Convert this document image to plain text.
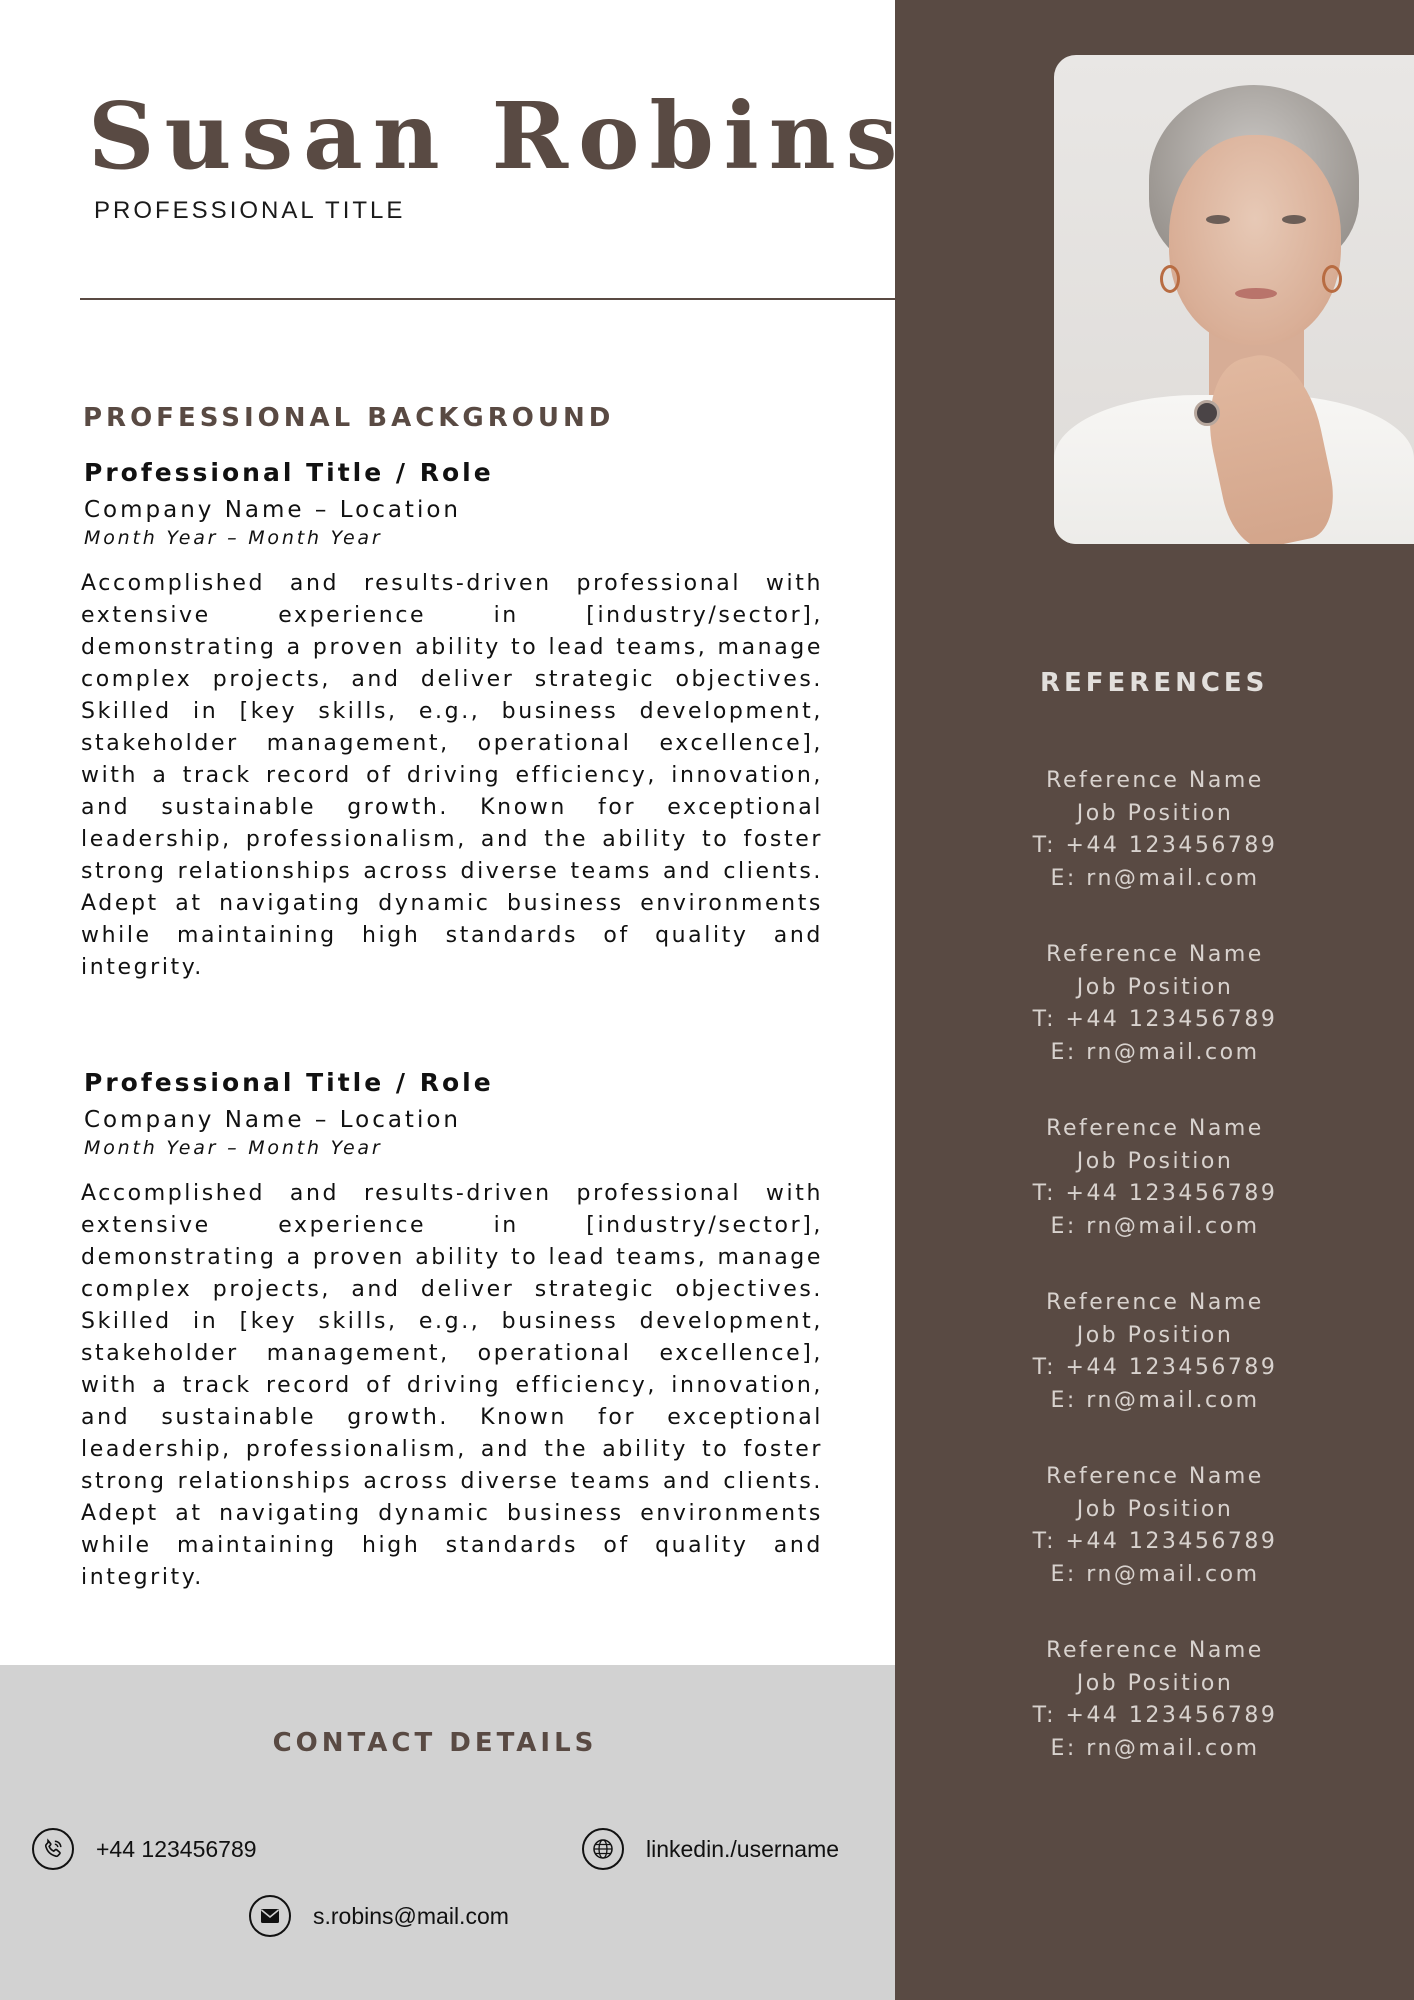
Susan Robins
PROFESSIONAL TITLE
PROFESSIONAL BACKGROUND
Professional Title / Role
Company Name – Location
Month Year – Month Year

Accomplished and results-driven professional with extensive experience in [industry/sector], demonstrating a proven ability to lead teams, manage complex projects, and deliver strategic objectives. Skilled in [key skills, e.g., business development, stakeholder management, operational excellence], with a track record of driving efficiency, innovation, and sustainable growth. Known for exceptional leadership, professionalism, and the ability to foster strong relationships across diverse teams and clients. Adept at navigating dynamic business environments while maintaining high standards of quality and integrity.

Professional Title / Role
Company Name – Location
Month Year – Month Year

Accomplished and results-driven professional with extensive experience in [industry/sector], demonstrating a proven ability to lead teams, manage complex projects, and deliver strategic objectives. Skilled in [key skills, e.g., business development, stakeholder management, operational excellence], with a track record of driving efficiency, innovation, and sustainable growth. Known for exceptional leadership, professionalism, and the ability to foster strong relationships across diverse teams and clients. Adept at navigating dynamic business environments while maintaining high standards of quality and integrity.

CONTACT DETAILS
+44 123456789	linkedin./username
s.robins@mail.com
REFERENCES
Reference Name
Job Position
T: +44 123456789
E: rn@mail.com
Reference Name
Job Position
T: +44 123456789
E: rn@mail.com
Reference Name
Job Position
T: +44 123456789
E: rn@mail.com
Reference Name
Job Position
T: +44 123456789
E: rn@mail.com
Reference Name
Job Position
T: +44 123456789
E: rn@mail.com
Reference Name
Job Position
T: +44 123456789
E: rn@mail.com
